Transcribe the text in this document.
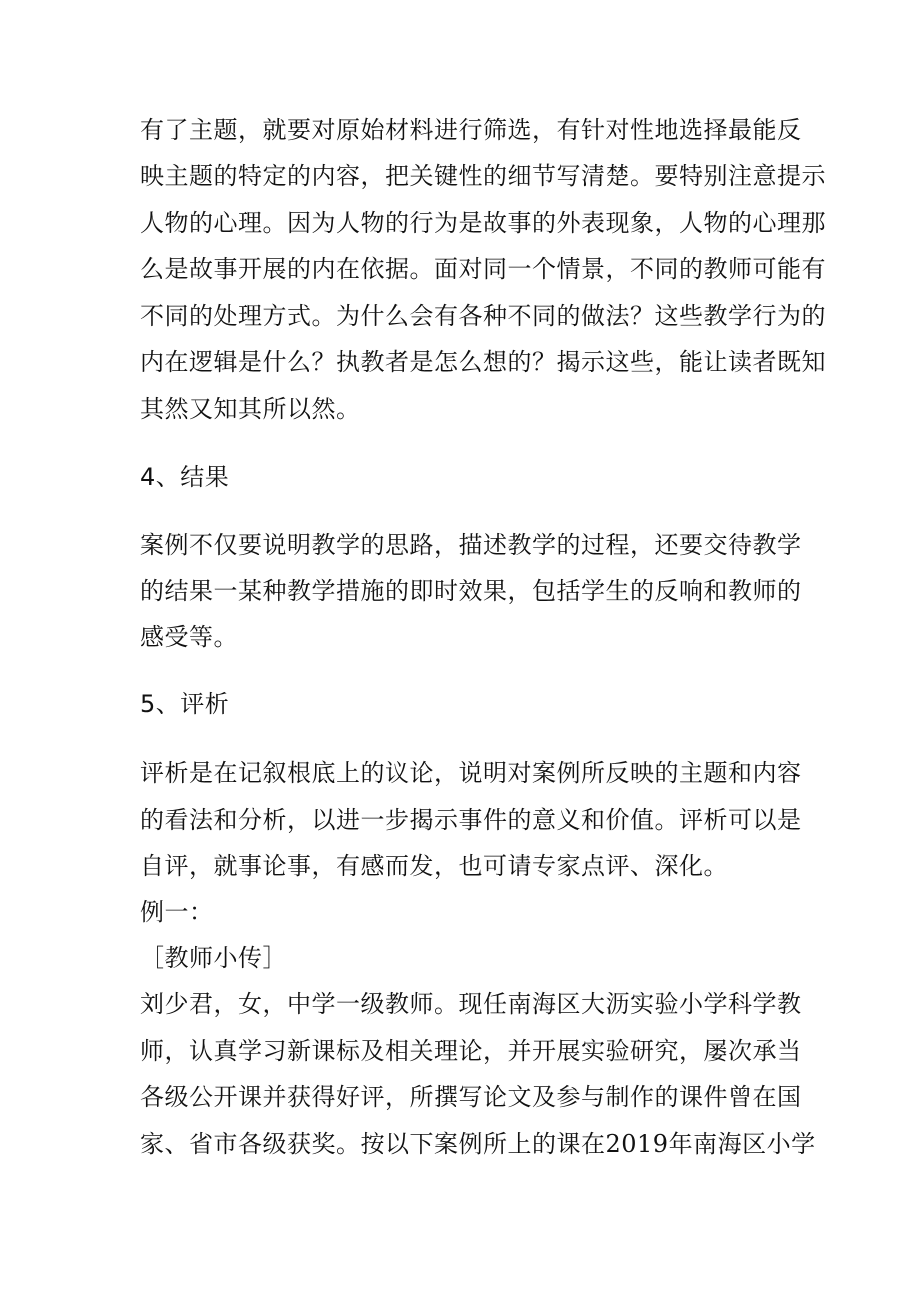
有了主题，就要对原始材料进行筛选，有针对性地选择最能反
映主题的特定的内容，把关键性的细节写清楚。要特别注意提示
人物的心理。因为人物的行为是故事的外表现象，人物的心理那
么是故事开展的内在依据。面对同一个情景，不同的教师可能有
不同的处理方式。为什么会有各种不同的做法？这些教学行为的
内在逻辑是什么？执教者是怎么想的？揭示这些，能让读者既知
其然又知其所以然。
4、结果
案例不仅要说明教学的思路，描述教学的过程，还要交待教学
的结果一某种教学措施的即时效果，包括学生的反响和教师的
感受等。
5、评析
评析是在记叙根底上的议论，说明对案例所反映的主题和内容
的看法和分析，以进一步揭示事件的意义和价值。评析可以是
自评，就事论事，有感而发，也可请专家点评、深化。
例一：
［教师小传］
刘少君，女，中学一级教师。现任南海区大沥实验小学科学教
师，认真学习新课标及相关理论，并开展实验研究，屡次承当
各级公开课并获得好评，所撰写论文及参与制作的课件曾在国
家、省市各级获奖。按以下案例所上的课在2019年南海区小学
